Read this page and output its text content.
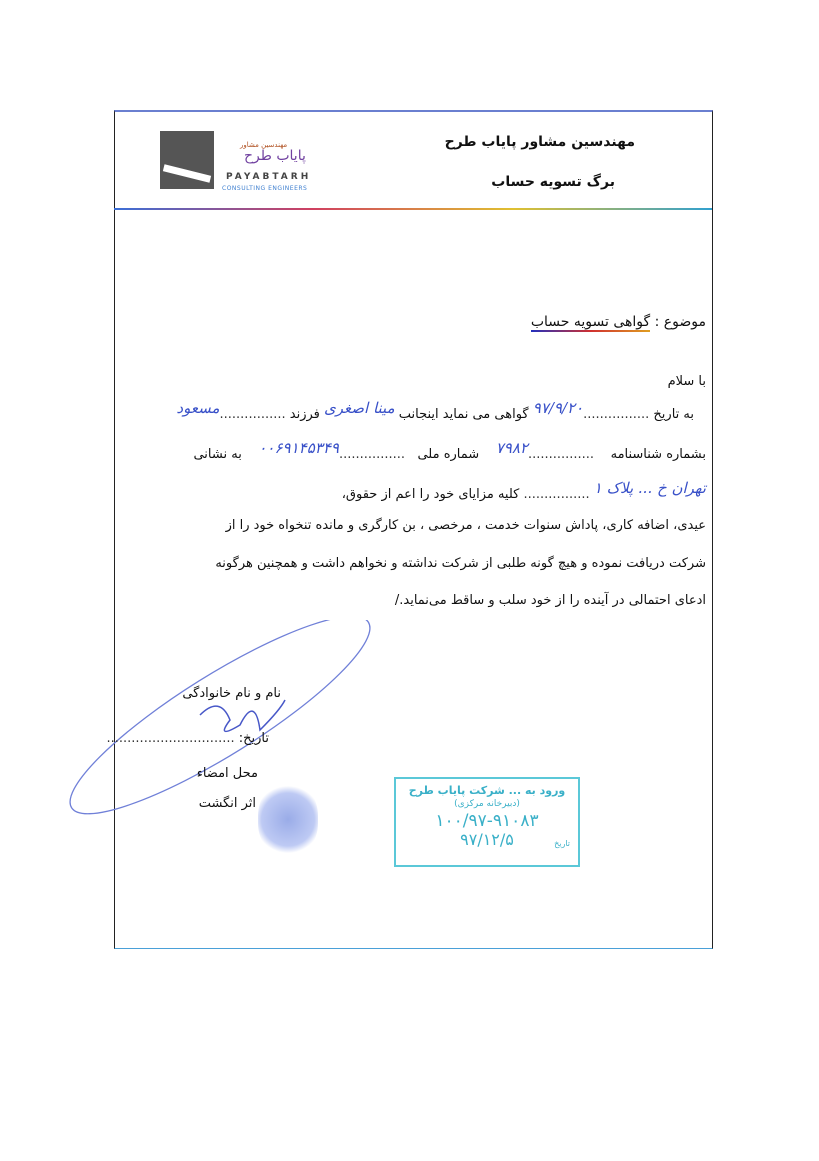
مهندسین مشاور
پایاب طرح
PAYABTARH
CONSULTING ENGINEERS
مهندسین مشاور پایاب طرح
برگ تسویه حساب
موضوع : گواهی تسویه حساب
با سلام
به تاریخ ................۹۷/۹/۲۰ گواهی می نماید اینجانب مینا اصغری فرزند ................مسعود
بشماره شناسنامه    ................۷۹۸۲    شماره ملی   ................۰۰۶۹۱۴۵۳۴۹    به نشانی
تهران خ ... پلاک ۱ ................ کلیه مزایای خود را اعم از حقوق،
عیدی، اضافه کاری، پاداش سنوات خدمت ، مرخصی ، بن کارگری و مانده تنخواه خود را از
شرکت دریافت نموده و هیچ گونه طلبی از شرکت نداشته و نخواهم داشت و همچنین هرگونه
ادعای احتمالی در آینده را از خود سلب و ساقط می‌نماید./
نام و نام خانوادگی
تاریخ: ...............................
محل امضاء
اثر انگشت
ورود به ... شرکت پایاب طرح
(دبیرخانه مرکزی)
۱۰۰/۹۷-۹۱۰۸۳
تاریخ
۹۷/۱۲/۵
